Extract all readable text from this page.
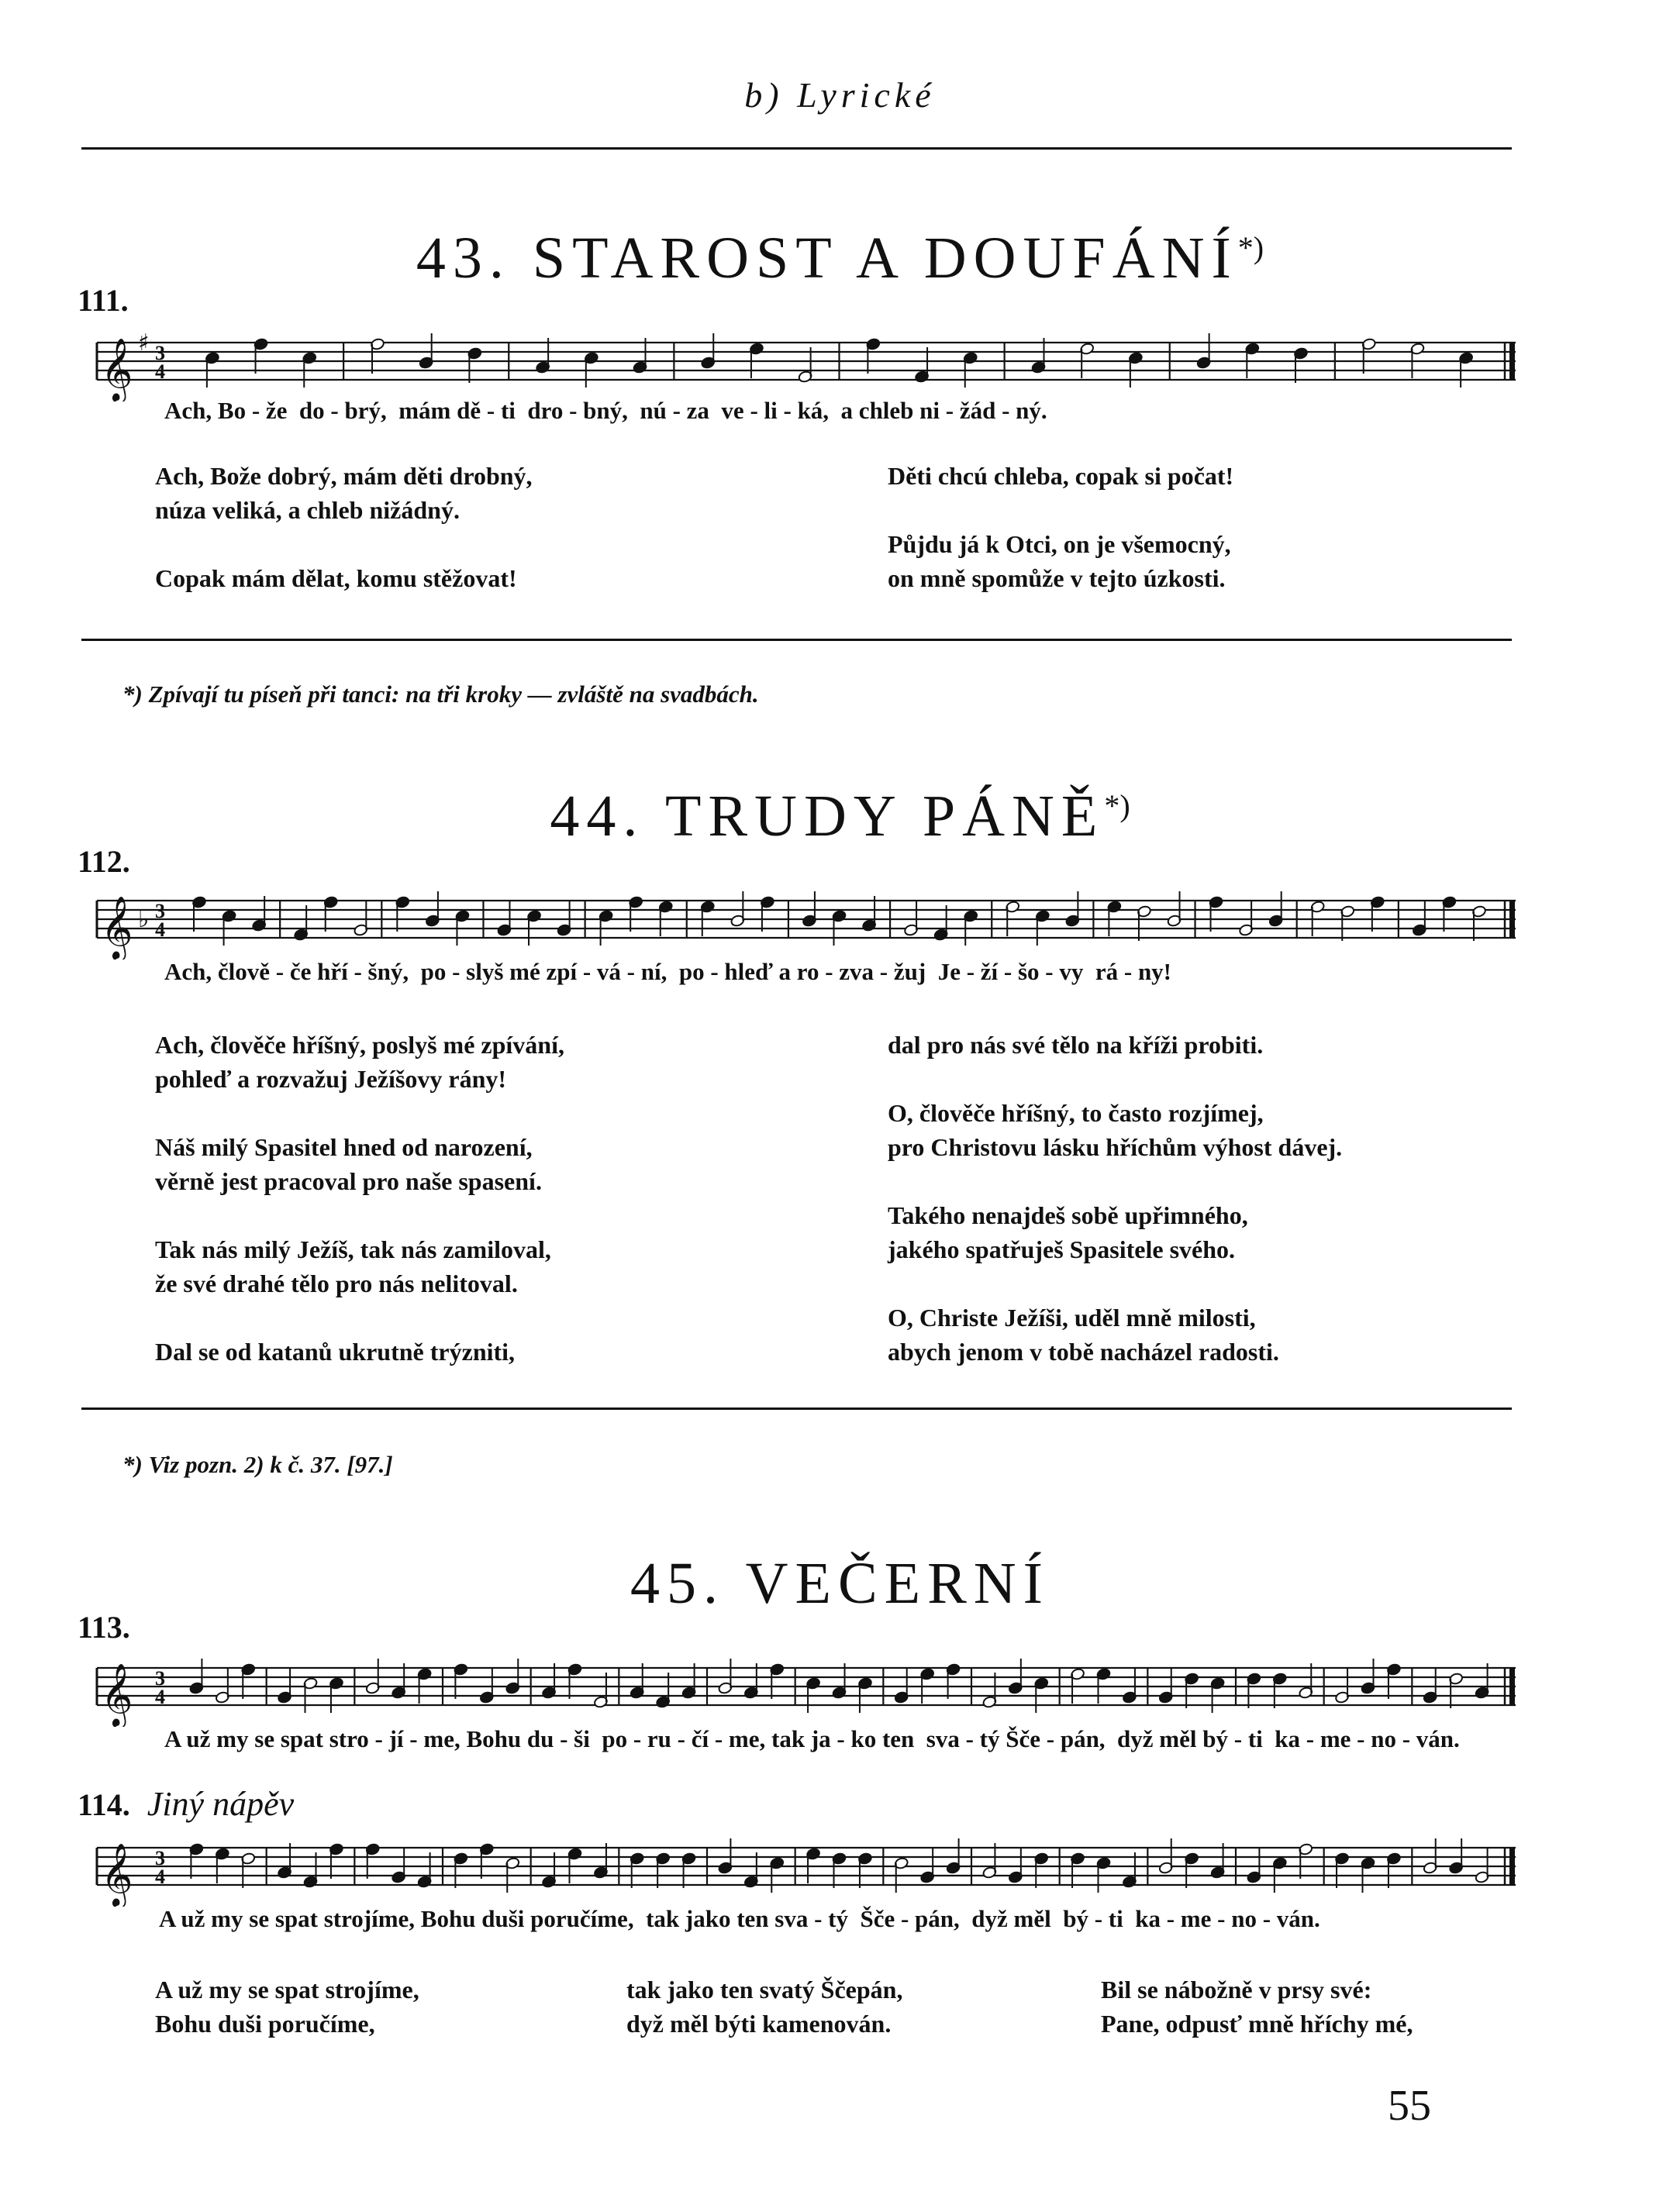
b) Lyrické
43. STAROST A DOUFÁNÍ*)
111.
𝄞 ♯ 3
4
Ach, Bo - že  do - brý,  mám dě - ti  dro - bný,  nú - za  ve - li - ká,  a chleb ni - žád - ný.
Ach, Bože dobrý, mám děti drobný,
núza veliká, a chleb nižádný.

Copak mám dělat, komu stěžovat!
Děti chcú chleba, copak si počat!

Půjdu já k Otci, on je všemocný,
on mně spomůže v tejto úzkosti.
*) Zpívají tu píseň při tanci: na tři kroky — zvláště na svadbách.
44. TRUDY PÁNĚ*)
112.
𝄞 ♭ 3
4
Ach, člově - če hří - šný,  po - slyš mé zpí - vá - ní,  po - hleď a ro - zva - žuj  Je - ží - šo - vy  rá - ny!
Ach, člověče hříšný, poslyš mé zpívání,
pohleď a rozvažuj Ježíšovy rány!

Náš milý Spasitel hned od narození,
věrně jest pracoval pro naše spasení.

Tak nás milý Ježíš, tak nás zamiloval,
že své drahé tělo pro nás nelitoval.

Dal se od katanů ukrutně trýzniti,
dal pro nás své tělo na kříži probiti.

O, člověče hříšný, to často rozjímej,
pro Christovu lásku hříchům výhost dávej.

Takého nenajdeš sobě upřimného,
jakého spatřuješ Spasitele svého.

O, Christe Ježíši, uděl mně milosti,
abych jenom v tobě nacházel radosti.
*) Viz pozn. 2) k č. 37. [97.]
45. VEČERNÍ
113.
𝄞 3
4
A už my se spat stro - jí - me, Bohu du - ši  po - ru - čí - me, tak ja - ko ten  sva - tý Šče - pán,  dyž měl bý - ti  ka - me - no - ván.
114. Jiný nápěv
𝄞 3
4
A už my se spat strojíme, Bohu duši poručíme,  tak jako ten sva - tý  Šče - pán,  dyž měl  bý - ti  ka - me - no - ván.
A už my se spat strojíme,
Bohu duši poručíme,
tak jako ten svatý Ščepán,
dyž měl býti kamenován.
Bil se nábožně v prsy své:
Pane, odpusť mně hříchy mé,
55
